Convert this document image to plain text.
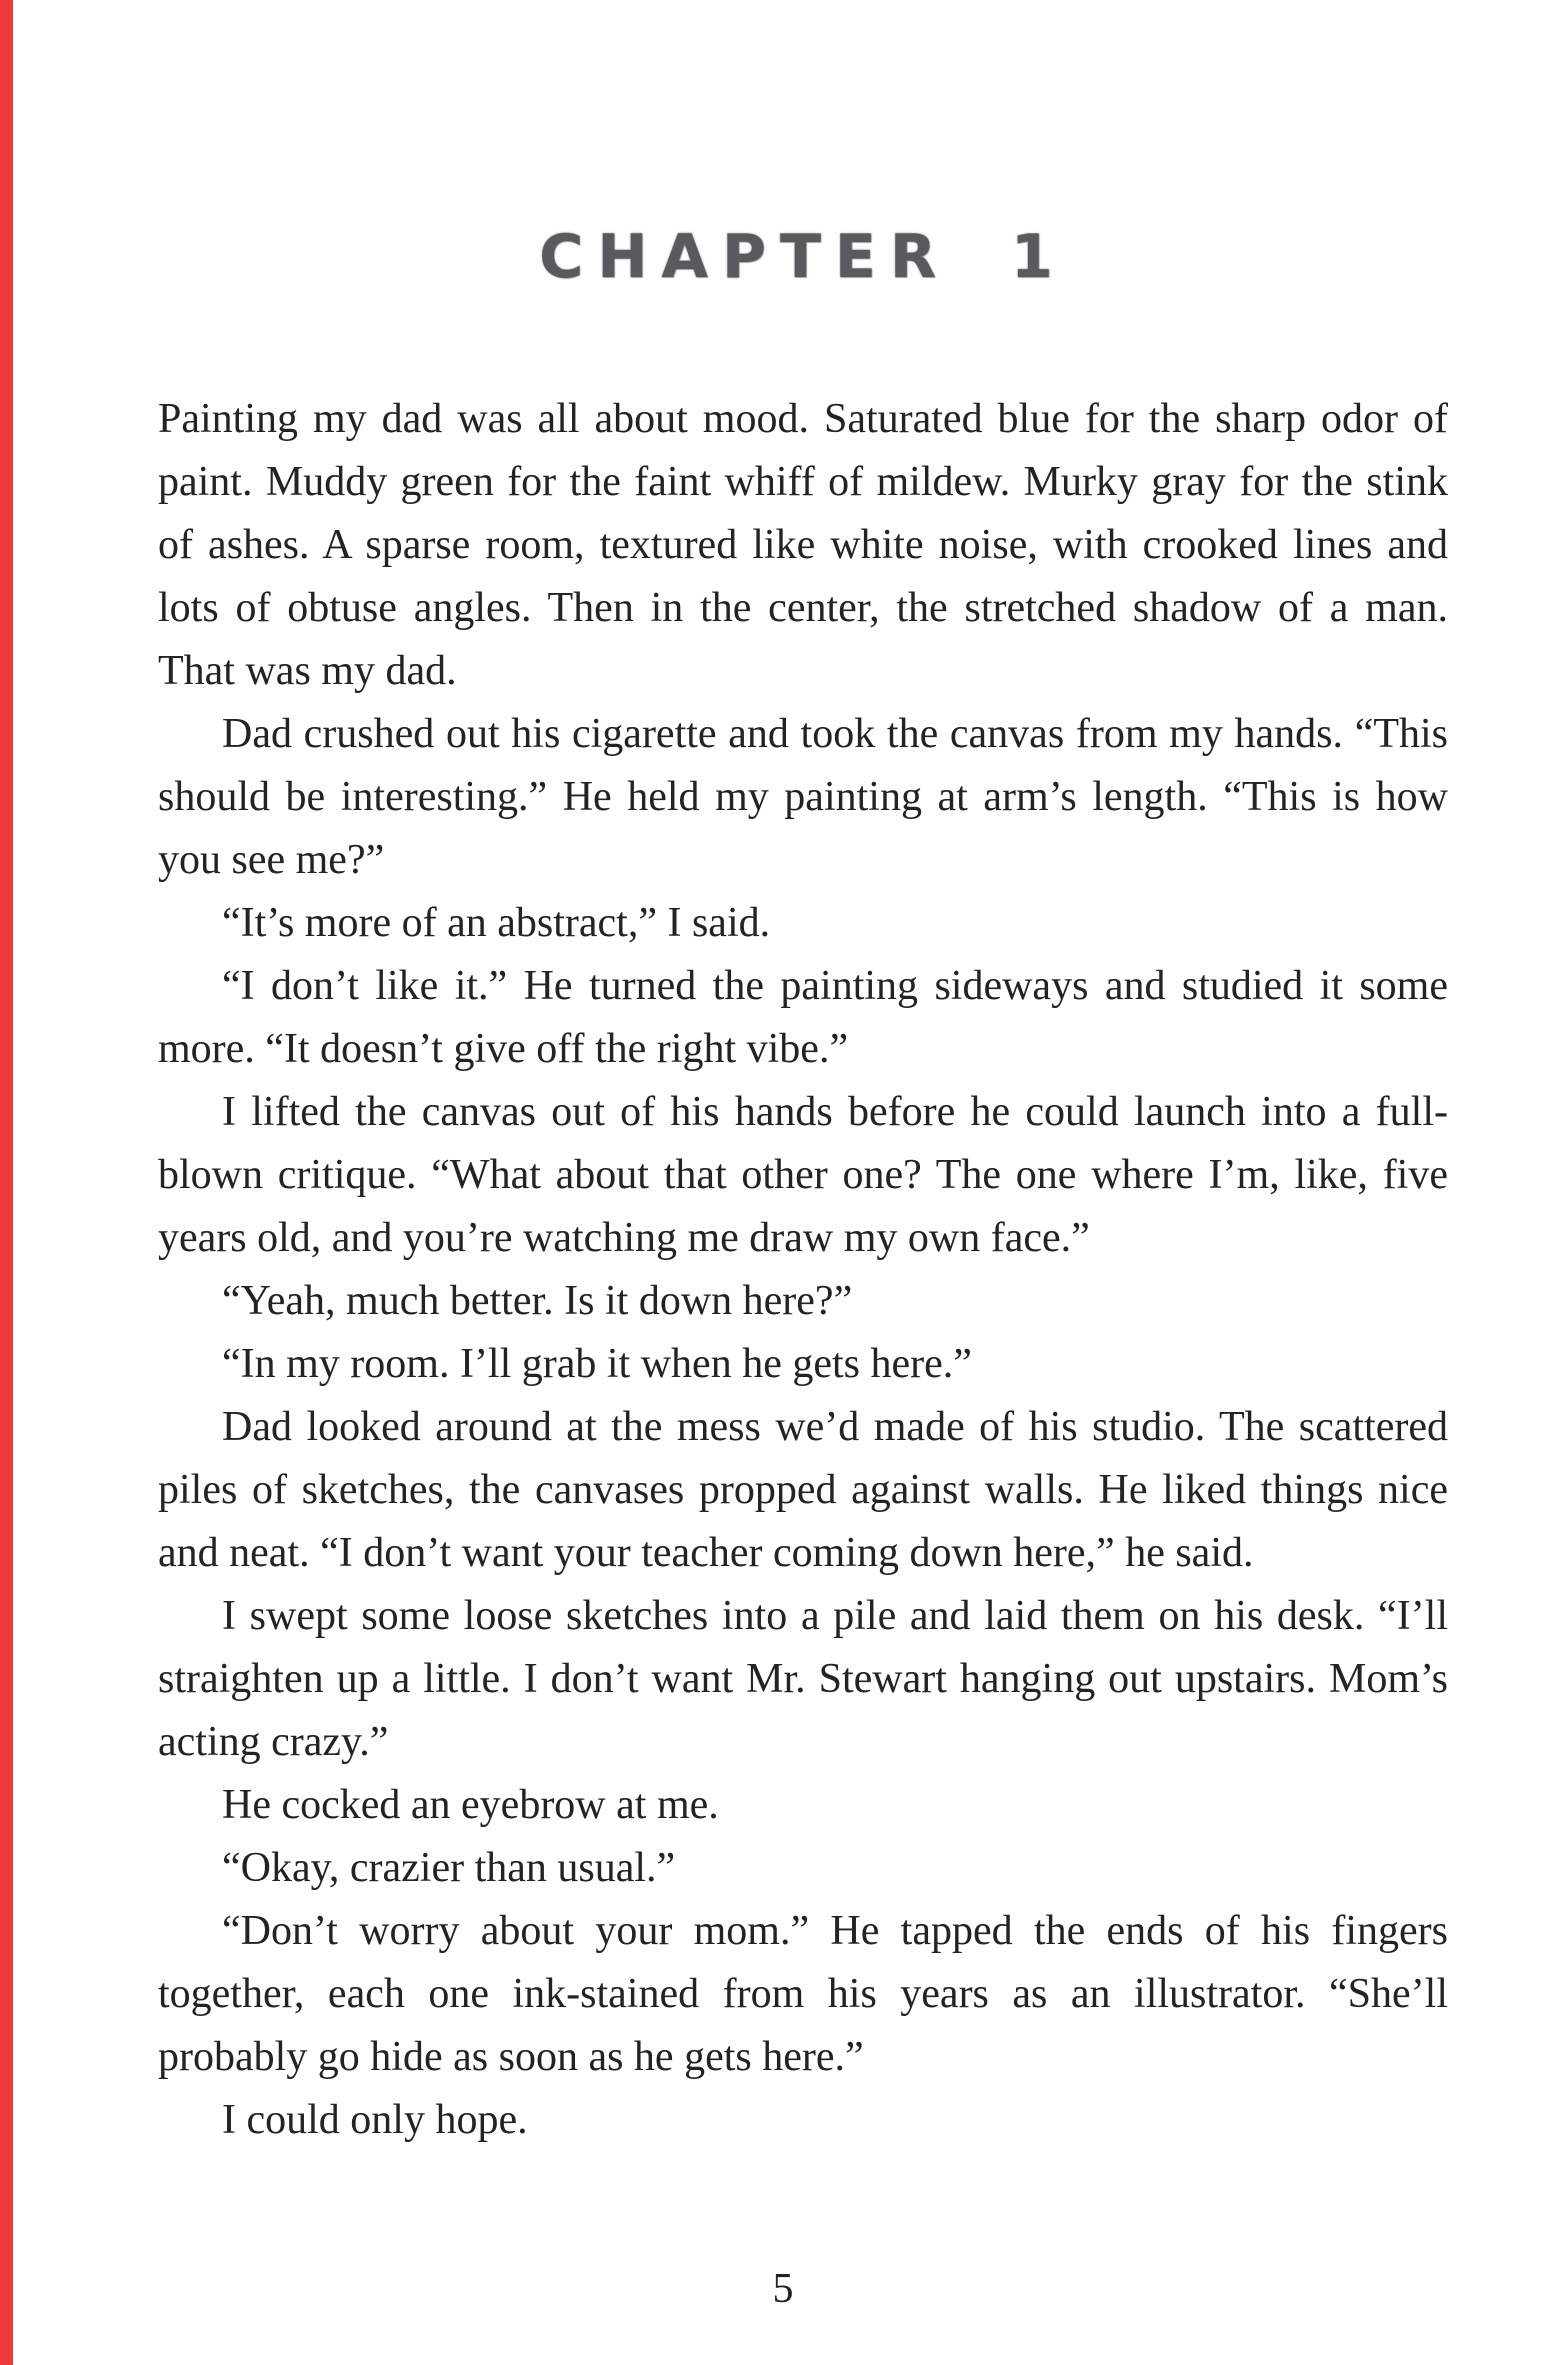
CHAPTER 1

Painting my dad was all about mood. Saturated blue for the sharp odor of paint. Muddy green for the faint whiff of mildew. Murky gray for the stink of ashes. A sparse room, textured like white noise, with crooked lines and lots of obtuse angles. Then in the center, the stretched shadow of a man. That was my dad.

Dad crushed out his cigarette and took the canvas from my hands. “This should be interesting.” He held my painting at arm’s length. “This is how you see me?”

“It’s more of an abstract,” I said.

“I don’t like it.” He turned the painting sideways and studied it some more. “It doesn’t give off the right vibe.”

I lifted the canvas out of his hands before he could launch into a full-blown critique. “What about that other one? The one where I’m, like, five years old, and you’re watching me draw my own face.”

“Yeah, much better. Is it down here?”

“In my room. I’ll grab it when he gets here.”

Dad looked around at the mess we’d made of his studio. The scattered piles of sketches, the canvases propped against walls. He liked things nice and neat. “I don’t want your teacher coming down here,” he said.

I swept some loose sketches into a pile and laid them on his desk. “I’ll straighten up a little. I don’t want Mr. Stewart hanging out upstairs. Mom’s acting crazy.”

He cocked an eyebrow at me.

“Okay, crazier than usual.”

“Don’t worry about your mom.” He tapped the ends of his fingers together, each one ink-stained from his years as an illustrator. “She’ll probably go hide as soon as he gets here.”

I could only hope.

5
